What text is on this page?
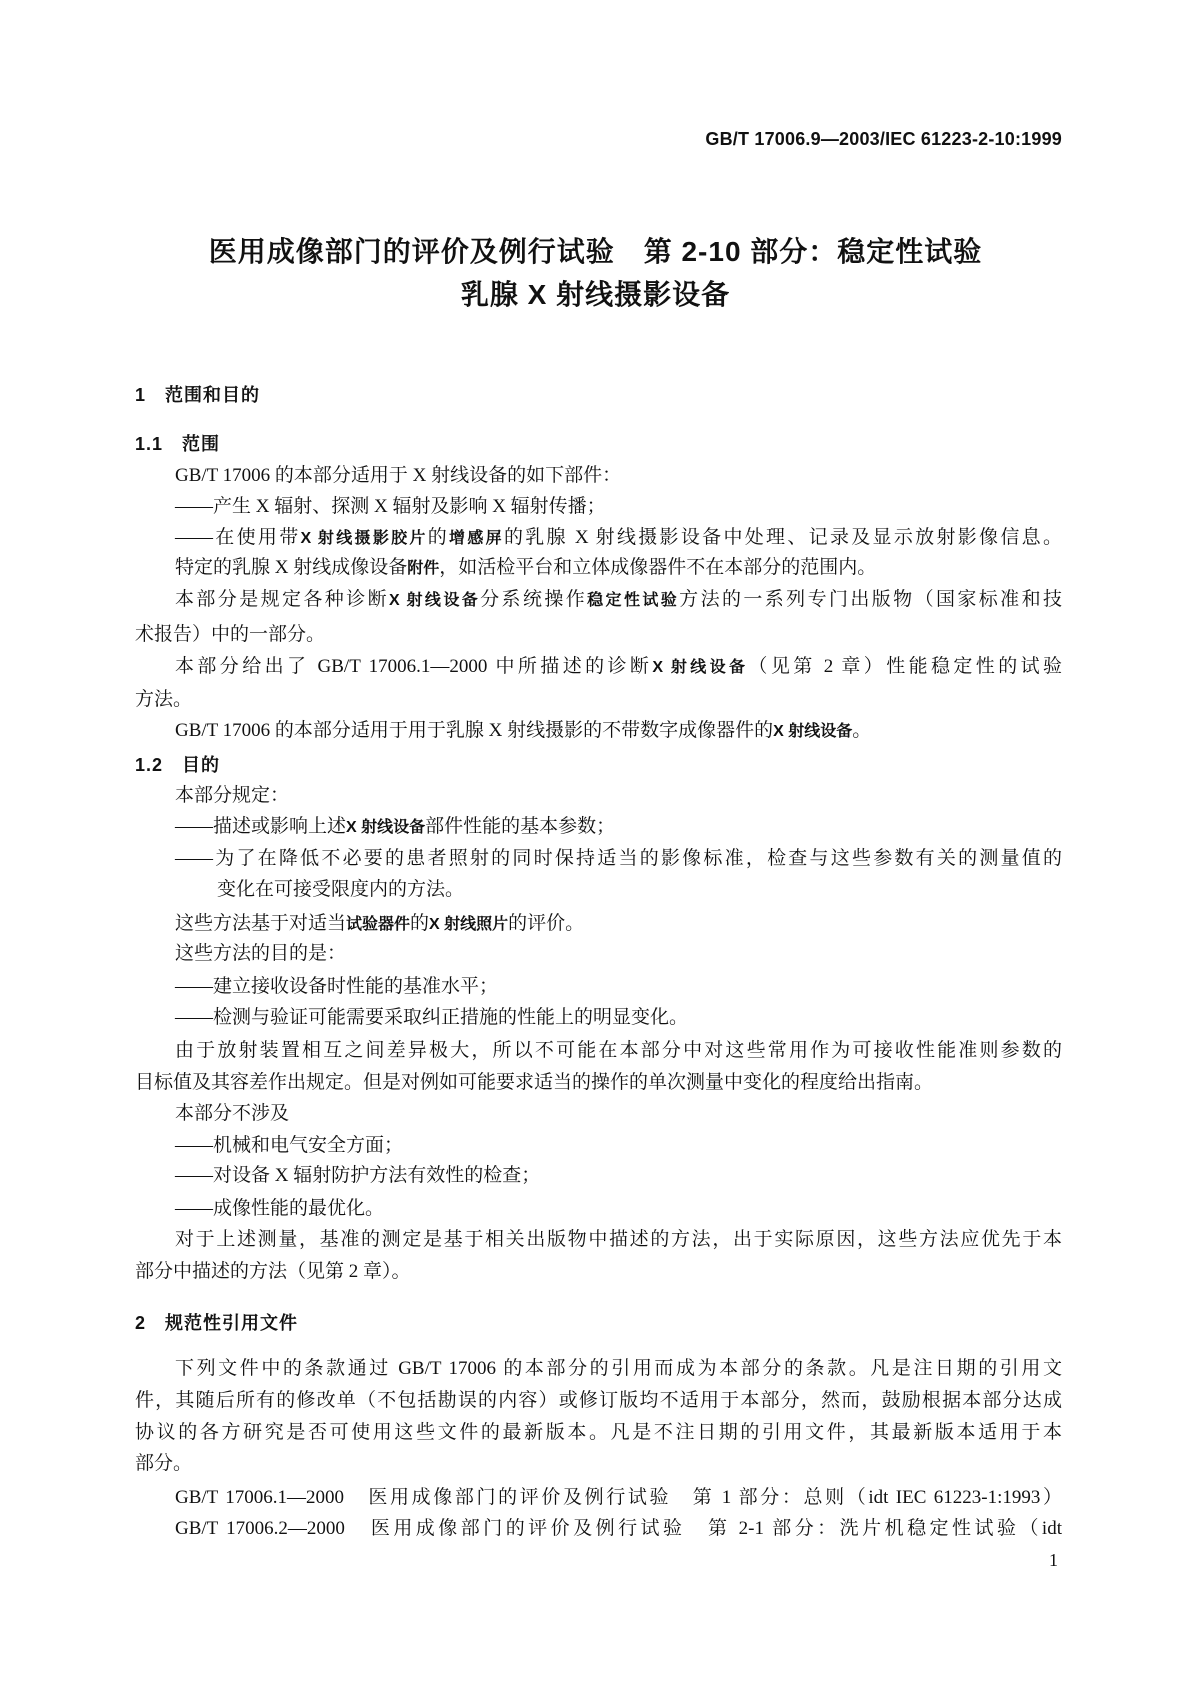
GB/T 17006.9—2003/IEC 61223-2-10:1999
医用成像部门的评价及例行试验　第 2-10 部分：稳定性试验
乳腺 X 射线摄影设备
1　范围和目的
1.1　范围
GB/T 17006 的本部分适用于 X 射线设备的如下部件：
——产生 X 辐射、探测 X 辐射及影响 X 辐射传播；
——在使用带X 射线摄影胶片的增感屏的乳腺 X 射线摄影设备中处理、记录及显示放射影像信息。
特定的乳腺 X 射线成像设备附件，如活检平台和立体成像器件不在本部分的范围内。
本部分是规定各种诊断X 射线设备分系统操作稳定性试验方法的一系列专门出版物（国家标准和技
术报告）中的一部分。
本部分给出了 GB/T 17006.1—2000 中所描述的诊断X 射线设备（见第 2 章）性能稳定性的试验
方法。
GB/T 17006 的本部分适用于用于乳腺 X 射线摄影的不带数字成像器件的X 射线设备。
1.2　目的
本部分规定：
——描述或影响上述X 射线设备部件性能的基本参数；
——为了在降低不必要的患者照射的同时保持适当的影像标准，检查与这些参数有关的测量值的
变化在可接受限度内的方法。
这些方法基于对适当试验器件的X 射线照片的评价。
这些方法的目的是：
——建立接收设备时性能的基准水平；
——检测与验证可能需要采取纠正措施的性能上的明显变化。
由于放射装置相互之间差异极大，所以不可能在本部分中对这些常用作为可接收性能准则参数的
目标值及其容差作出规定。但是对例如可能要求适当的操作的单次测量中变化的程度给出指南。
本部分不涉及
——机械和电气安全方面；
——对设备 X 辐射防护方法有效性的检查；
——成像性能的最优化。
对于上述测量，基准的测定是基于相关出版物中描述的方法，出于实际原因，这些方法应优先于本
部分中描述的方法（见第 2 章）。
2　规范性引用文件
下列文件中的条款通过 GB/T 17006 的本部分的引用而成为本部分的条款。凡是注日期的引用文
件，其随后所有的修改单（不包括勘误的内容）或修订版均不适用于本部分，然而，鼓励根据本部分达成
协议的各方研究是否可使用这些文件的最新版本。凡是不注日期的引用文件，其最新版本适用于本
部分。
GB/T 17006.1—2000　医用成像部门的评价及例行试验　第 1 部分：总则（idt IEC 61223-1:1993）
GB/T 17006.2—2000　医用成像部门的评价及例行试验　第 2-1 部分：洗片机稳定性试验（idt
1
